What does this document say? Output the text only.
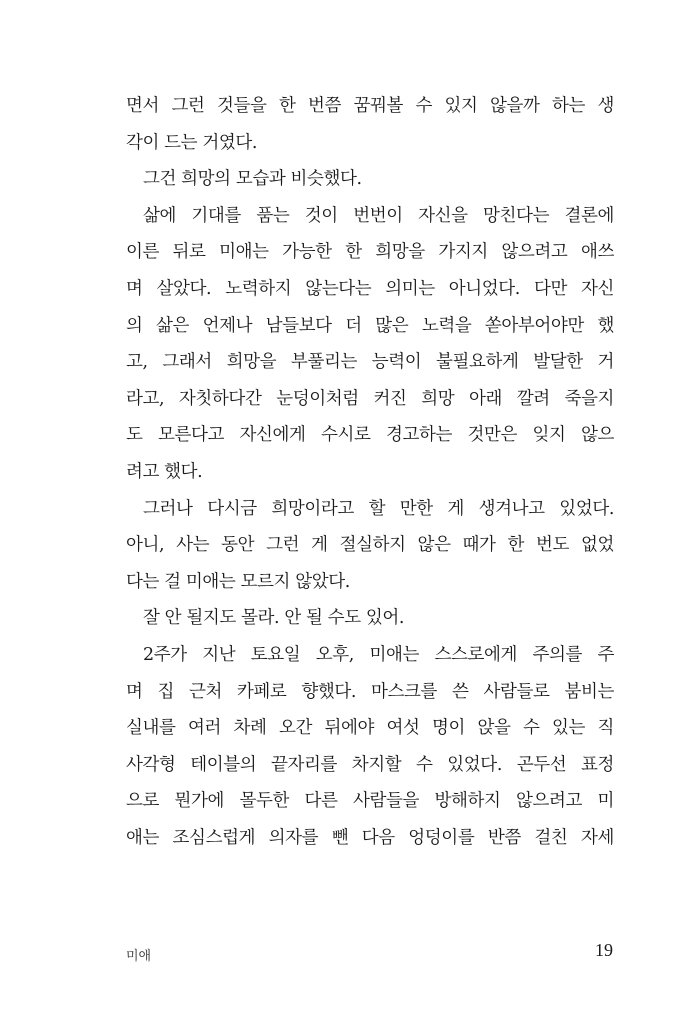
면서 그런 것들을 한 번쯤 꿈꿔볼 수 있지 않을까 하는 생
각이 드는 거였다.
그건 희망의 모습과 비슷했다.
삶에 기대를 품는 것이 번번이 자신을 망친다는 결론에
이른 뒤로 미애는 가능한 한 희망을 가지지 않으려고 애쓰
며 살았다. 노력하지 않는다는 의미는 아니었다. 다만 자신
의 삶은 언제나 남들보다 더 많은 노력을 쏟아부어야만 했
고, 그래서 희망을 부풀리는 능력이 불필요하게 발달한 거
라고, 자칫하다간 눈덩이처럼 커진 희망 아래 깔려 죽을지
도 모른다고 자신에게 수시로 경고하는 것만은 잊지 않으
려고 했다.
그러나 다시금 희망이라고 할 만한 게 생겨나고 있었다.
아니, 사는 동안 그런 게 절실하지 않은 때가 한 번도 없었
다는 걸 미애는 모르지 않았다.
잘 안 될지도 몰라. 안 될 수도 있어.
2주가 지난 토요일 오후, 미애는 스스로에게 주의를 주
며 집 근처 카페로 향했다. 마스크를 쓴 사람들로 붐비는
실내를 여러 차례 오간 뒤에야 여섯 명이 앉을 수 있는 직
사각형 테이블의 끝자리를 차지할 수 있었다. 곤두선 표정
으로 뭔가에 몰두한 다른 사람들을 방해하지 않으려고 미
애는 조심스럽게 의자를 뺀 다음 엉덩이를 반쯤 걸친 자세
미애	19
